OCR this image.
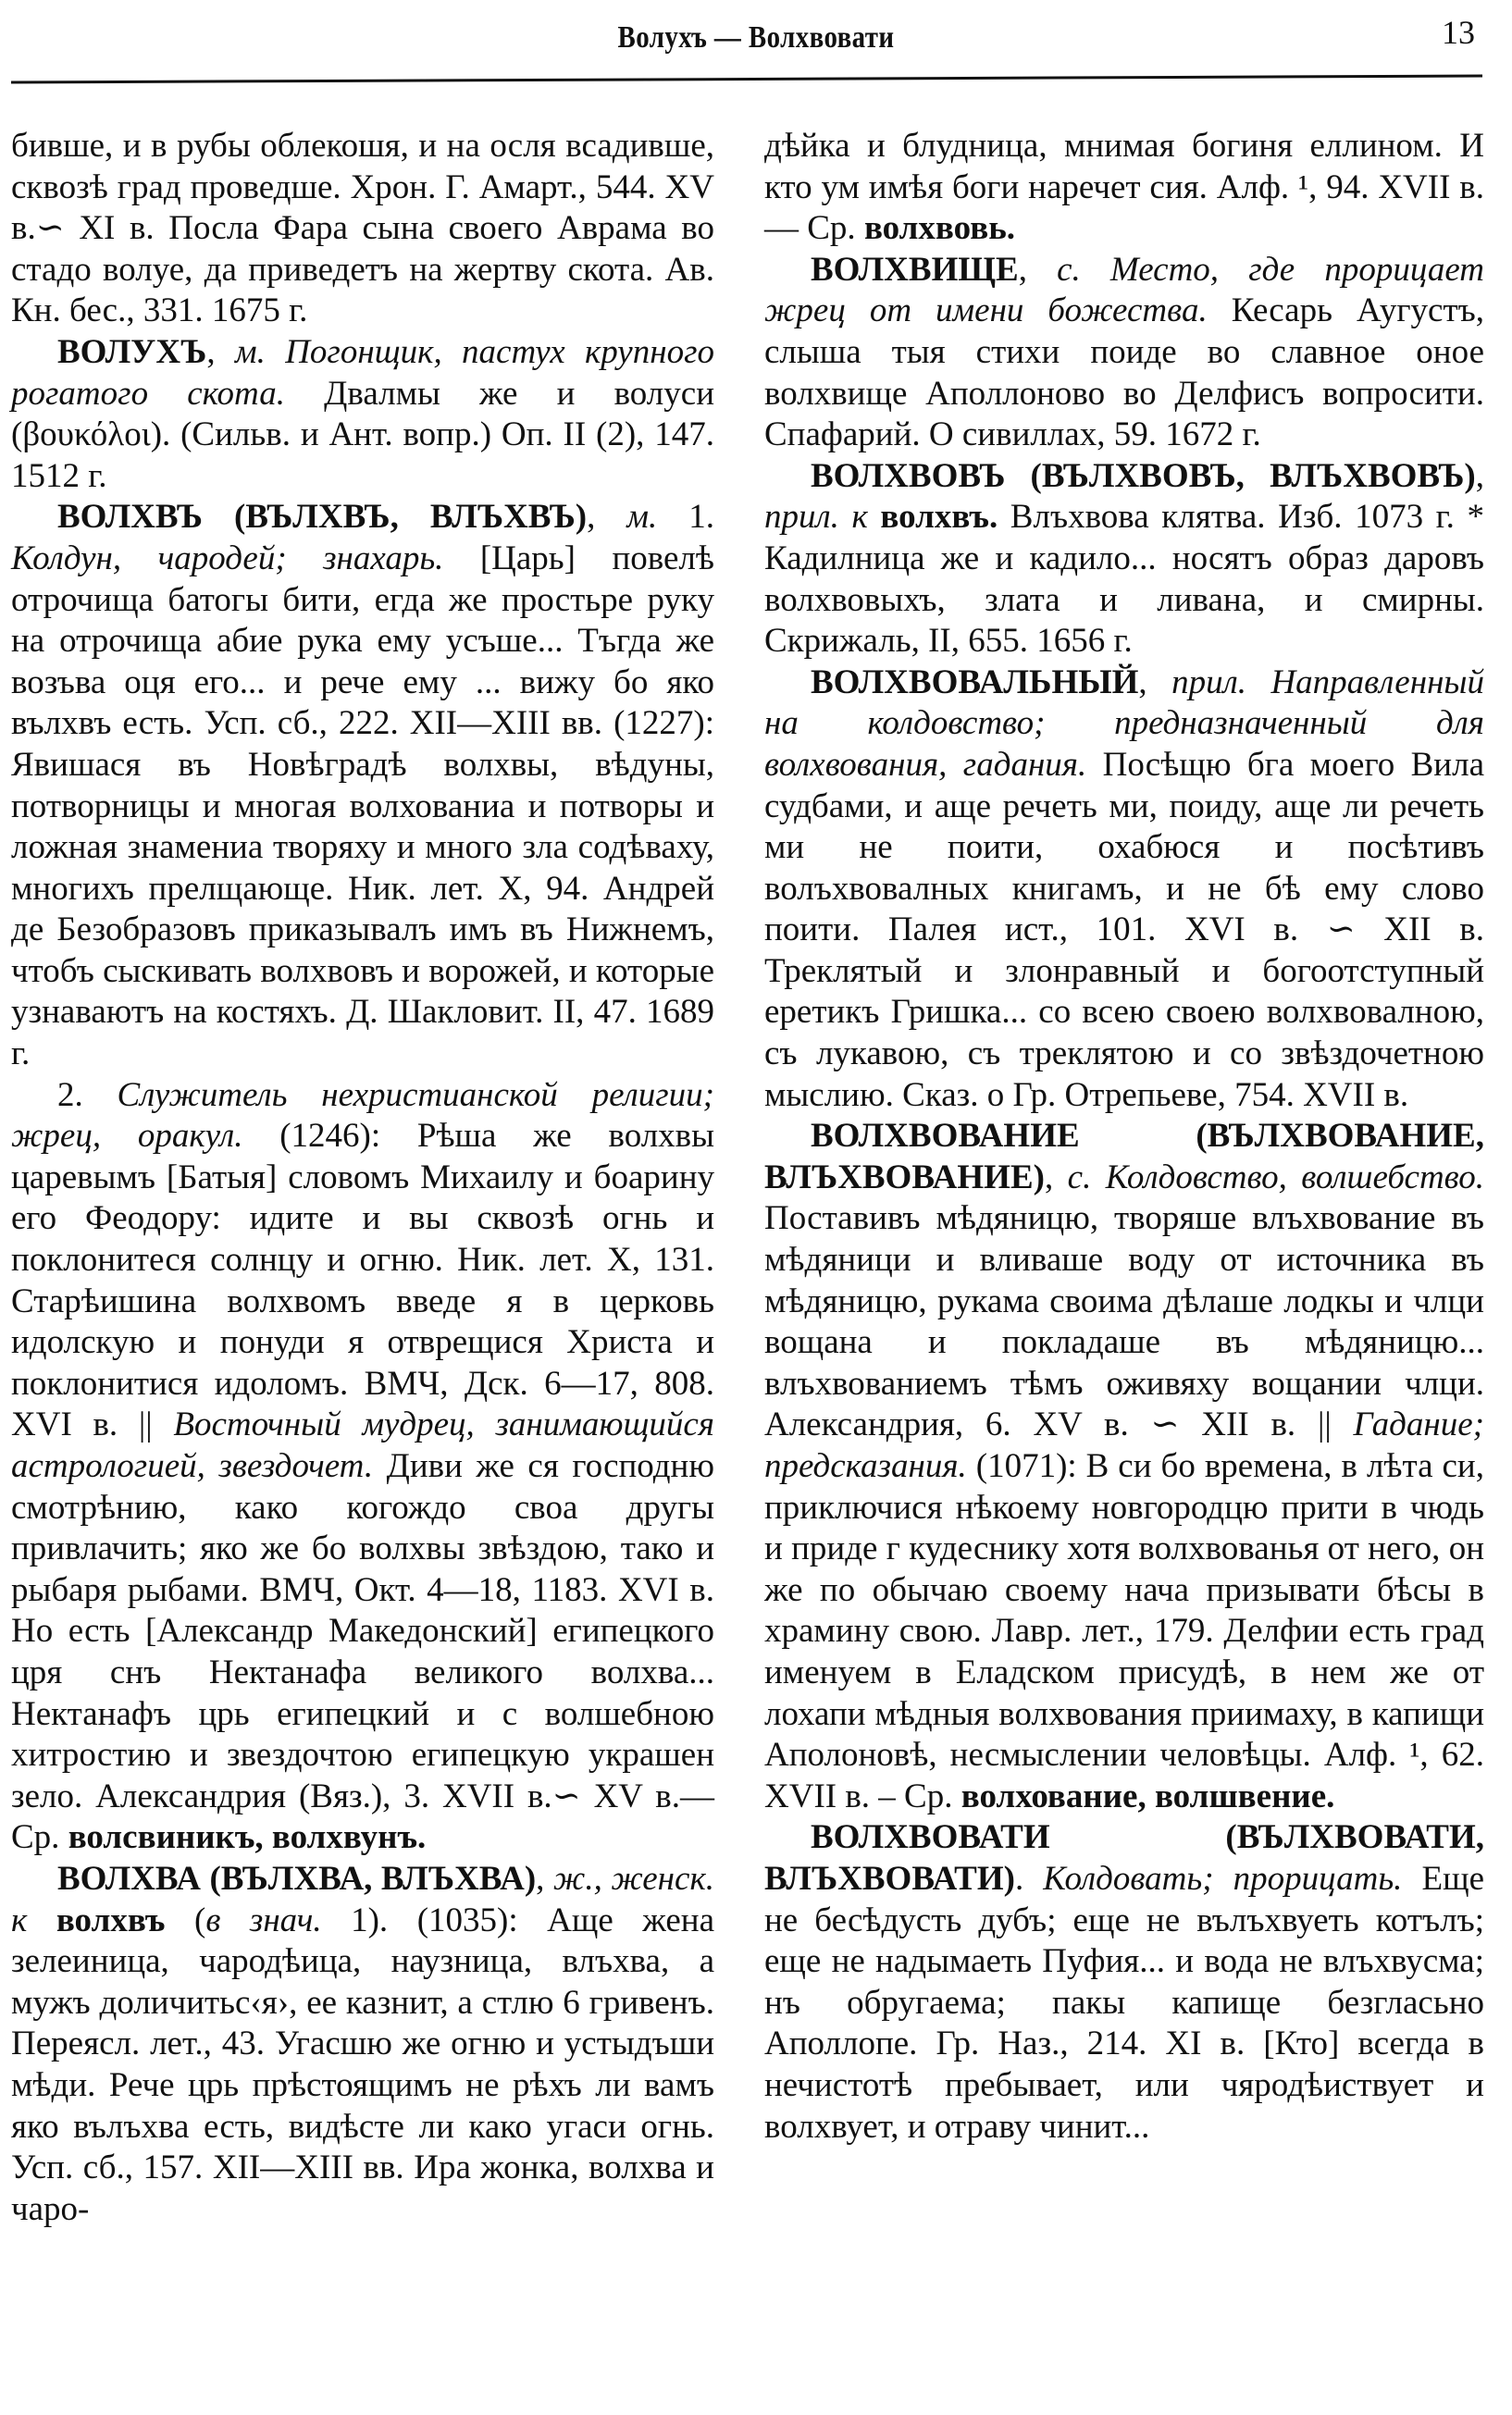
Волухъ — Волхвовати	13

бивше, и в рубы облекошя, и на осля всадивше, сквозѣ град проведше. Хрон. Г. Амарт., 544. XV в.∽ XI в. Посла Фара сына своего Аврама во стадо волуе, да приведетъ на жертву скота. Ав. Кн. бес., 331. 1675 г.

ВОЛУХЪ, м. Погонщик, пастух крупного рогатого скота. Двалмы же и волуси (βουκόλοι). (Сильв. и Ант. вопр.) Оп. II (2), 147. 1512 г.

ВОЛХВЪ (ВЪЛХВЪ, ВЛЪХВЪ), м. 1. Колдун, чародей; знахарь. [Царь] повелѣ отрочища батогы бити, егда же простьре руку на отрочища абие рука ему усъше... Тъгда же возъва оця его... и рече ему ... вижу бо яко вълхвъ есть. Усп. сб., 222. XII—XIII вв. (1227): Явишася въ Новѣградѣ волхвы, вѣдуны, потворницы и многая волхованиа и потворы и ложная знамениа творяху и много зла содѣваху, многихъ прелщающе. Ник. лет. X, 94. Андрей де Безобразовъ приказывалъ имъ въ Нижнемъ, чтобъ сыскивать волхвовъ и ворожей, и которые узнаваютъ на костяхъ. Д. Шакловит. II, 47. 1689 г.

2. Служитель нехристианской религии; жрец, оракул. (1246): Рѣша же волхвы царевымъ [Батыя] словомъ Михаилу и боарину его Феодору: идите и вы сквозѣ огнь и поклонитеся солнцу и огню. Ник. лет. X, 131. Старѣишина волхвомъ введе я в церковь идолскую и понуди я отврещися Христа и поклонитися идоломъ. ВМЧ, Дск. 6—17, 808. XVI в. || Восточный мудрец, занимающийся астрологией, звездочет. Диви же ся господню смотрѣнию, како когождо своа другы привлачить; яко же бо волхвы звѣздою, тако и рыбаря рыбами. ВМЧ, Окт. 4—18, 1183. XVI в. Но есть [Александр Македонский] египецкого цря снъ Нектанафа великого волхва... Нектанафъ црь египецкий и с волшебною хитростию и звездочтою египецкую украшен зело. Александрия (Вяз.), 3. XVII в.∽ XV в.— Ср. волсвиникъ, волхвунъ.

ВОЛХВА (ВЪЛХВА, ВЛЪХВА), ж., женск. к волхвъ (в знач. 1). (1035): Аще жена зелеиница, чародѣица, наузница, влъхва, а мужъ доличитьс‹я›, ее казнит, а стлю 6 гривенъ. Переясл. лет., 43. Угасшю же огню и устыдъши мѣди. Рече црь прѣстоящимъ не рѣхъ ли вамъ яко вълъхва есть, видѣсте ли како угаси огнь. Усп. сб., 157. XII—XIII вв. Ира жонка, волхва и чаро-

дѣйка и блудница, мнимая богиня еллином. И кто ум имѣя боги наречет сия. Алф. ¹, 94. XVII в.— Ср. волхвовь.

ВОЛХВИЩЕ, с. Место, где прорицает жрец от имени божества. Кесарь Аугустъ, слыша тыя стихи поиде во славное оное волхвище Аполлоново во Делфисъ вопросити. Спафарий. О сивиллах, 59. 1672 г.

ВОЛХВОВЪ (ВЪЛХВОВЪ, ВЛЪХВОВЪ), прил. к волхвъ. Влъхвова клятва. Изб. 1073 г. * Кадилница же и кадило... носятъ образ даровъ волхвовыхъ, злата и ливана, и смирны. Скрижаль, II, 655. 1656 г.

ВОЛХВОВАЛЬНЫЙ, прил. Направленный на колдовство; предназначенный для волхвования, гадания. Посѣщю бга моего Вила судбами, и аще речеть ми, поиду, аще ли речеть ми не поити, охабюся и посѣтивъ волъхвовалных книгамъ, и не бѣ ему слово поити. Палея ист., 101. XVI в. ∽ XII в. Треклятый и злонравный и богоотступный еретикъ Гришка... со всею своею волхвовалною, съ лукавою, съ треклятою и со звѣздочетною мыслию. Сказ. о Гр. Отрепьеве, 754. XVII в.

ВОЛХВОВАНИЕ (ВЪЛХВОВАНИЕ, ВЛЪХВОВАНИЕ), с. Колдовство, волшебство. Поставивъ мѣдяницю, творяше влъхвование въ мѣдяници и вливаше воду от источника въ мѣдяницю, рукама своима дѣлаше лодкы и члци вощана и покладаше въ мѣдяницю... влъхвованиемъ тѣмъ оживяху вощании члци. Александрия, 6. XV в. ∽ XII в. || Гадание; предсказания. (1071): В си бо времена, в лѣта си, приключися нѣкоему новгородцю прити в чюдь и приде г кудеснику хотя волхвованья от него, он же по обычаю своему нача призывати бѣсы в храмину свою. Лавр. лет., 179. Делфии есть град именуем в Еладском присудѣ, в нем же от лохапи мѣдныя волхвования приимаху, в капищи Аполоновѣ, несмыслении человѣцы. Алф. ¹, 62. XVII в. – Ср. волхование, волшвение.

ВОЛХВОВАТИ (ВЪЛХВОВАТИ, ВЛЪХВОВАТИ). Колдовать; прорицать. Еще не бесѣдусть дубъ; еще не вълъхвуеть котълъ; еще не надымаеть Пуфия... и вода не влъхвусма; нъ обругаема; пакы капище безгласьно Аполлопе. Гр. Наз., 214. XI в. [Кто] всегда в нечистотѣ пребывает, или чяродѣиствует и волхвует, и отраву чинит...
